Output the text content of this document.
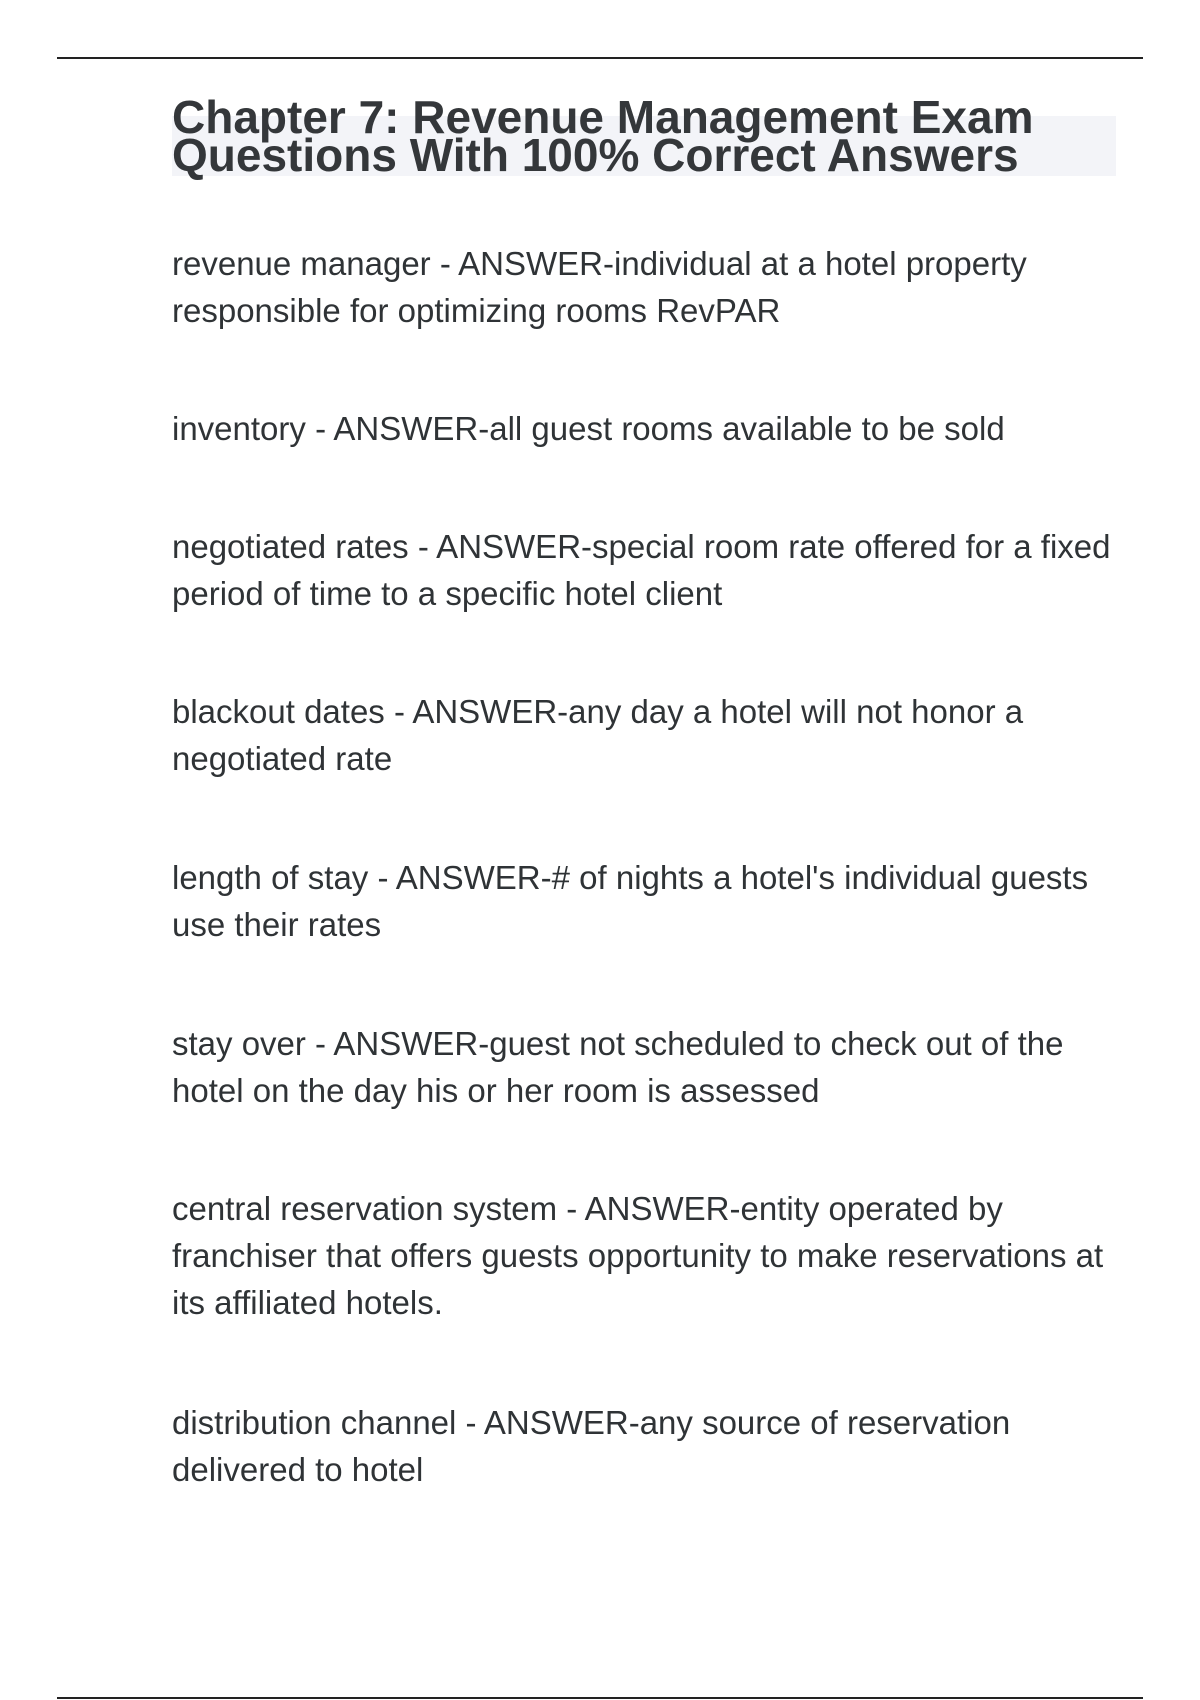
Chapter 7: Revenue Management Exam
Questions With 100% Correct Answers

revenue manager - ANSWER-individual at a hotel property responsible for optimizing rooms RevPAR

inventory - ANSWER-all guest rooms available to be sold

negotiated rates - ANSWER-special room rate offered for a fixed period of time to a specific hotel client

blackout dates - ANSWER-any day a hotel will not honor a negotiated rate

length of stay - ANSWER-# of nights a hotel's individual guests use their rates

stay over - ANSWER-guest not scheduled to check out of the hotel on the day his or her room is assessed

central reservation system - ANSWER-entity operated by franchiser that offers guests opportunity to make reservations at its affiliated hotels.

distribution channel - ANSWER-any source of reservation delivered to hotel
